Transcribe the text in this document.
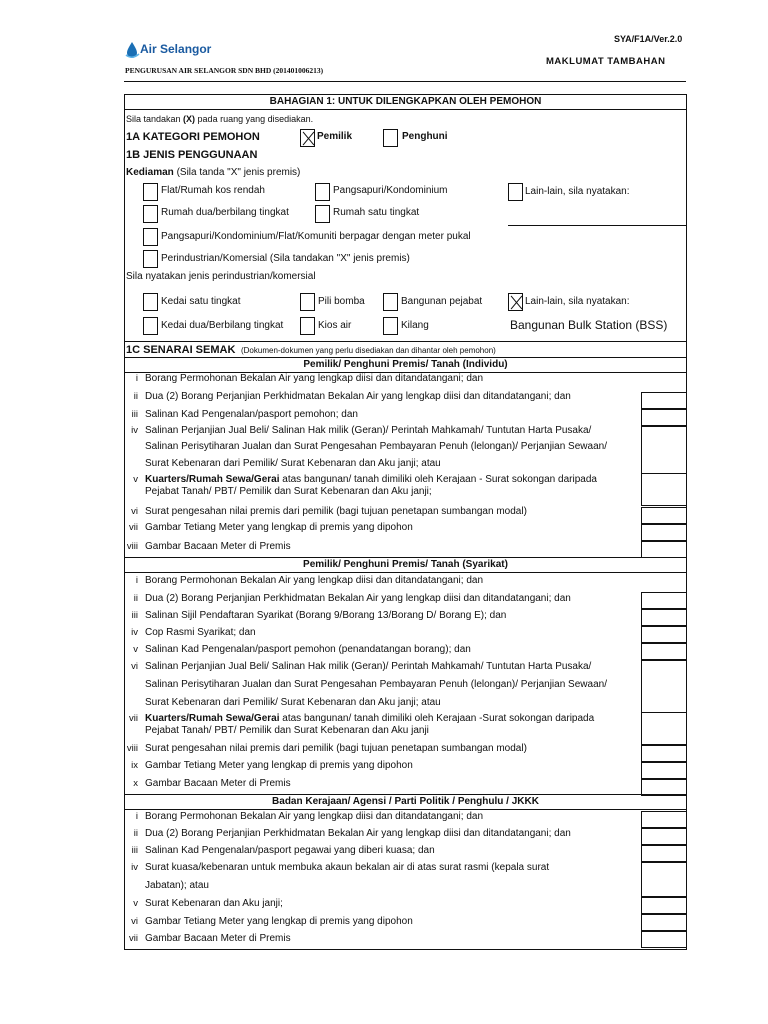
SYA/F1A/Ver.2.0
Air Selangor
MAKLUMAT TAMBAHAN
PENGURUSAN AIR SELANGOR SDN BHD (201401006213)
BAHAGIAN 1: UNTUK DILENGKAPKAN OLEH PEMOHON
Sila tandakan (X) pada ruang yang disediakan.
1A KATEGORI PEMOHON	Pemilik	Penghuni
1B JENIS PENGGUNAAN
Kediaman (Sila tanda "X" jenis premis)
Flat/Rumah kos rendah	Pangsapuri/Kondominium	Lain-lain, sila nyatakan:
Rumah dua/berbilang tingkat	Rumah satu tingkat
Pangsapuri/Kondominium/Flat/Komuniti berpagar dengan meter pukal
Perindustrian/Komersial (Sila tandakan "X" jenis premis)
Sila nyatakan jenis perindustrian/komersial
Kedai satu tingkat	Pili bomba	Bangunan pejabat	Lain-lain, sila nyatakan:
Kedai dua/Berbilang tingkat	Kios air	Kilang	Bangunan Bulk Station (BSS)
1C SENARAI SEMAK (Dokumen-dokumen yang perlu disediakan dan dihantar oleh pemohon)
Pemilik/ Penghuni Premis/ Tanah (Individu)
i Borang Permohonan Bekalan Air yang lengkap diisi dan ditandatangani; dan
ii Dua (2) Borang Perjanjian Perkhidmatan Bekalan Air yang lengkap diisi dan ditandatangani; dan
iii Salinan Kad Pengenalan/pasport pemohon; dan
iv Salinan Perjanjian Jual Beli/ Salinan Hak milik (Geran)/ Perintah Mahkamah/ Tuntutan Harta Pusaka/
Salinan Perisytiharan Jualan dan Surat Pengesahan Pembayaran Penuh (lelongan)/ Perjanjian Sewaan/
Surat Kebenaran dari Pemilik/ Surat Kebenaran dan Aku janji; atau
v Kuarters/Rumah Sewa/Gerai atas bangunan/ tanah dimiliki oleh Kerajaan - Surat sokongan daripada
Pejabat Tanah/ PBT/ Pemilik dan Surat Kebenaran dan Aku janji;
vi Surat pengesahan nilai premis dari pemilik (bagi tujuan penetapan sumbangan modal)
vii Gambar Tetiang Meter yang lengkap di premis yang dipohon
viii Gambar Bacaan Meter di Premis
Pemilik/ Penghuni Premis/ Tanah (Syarikat)
i Borang Permohonan Bekalan Air yang lengkap diisi dan ditandatangani; dan
ii Dua (2) Borang Perjanjian Perkhidmatan Bekalan Air yang lengkap diisi dan ditandatangani; dan
iii Salinan Sijil Pendaftaran Syarikat (Borang 9/Borang 13/Borang D/ Borang E); dan
iv Cop Rasmi Syarikat; dan
v Salinan Kad Pengenalan/pasport pemohon (penandatangan borang); dan
vi Salinan Perjanjian Jual Beli/ Salinan Hak milik (Geran)/ Perintah Mahkamah/ Tuntutan Harta Pusaka/
Salinan Perisytiharan Jualan dan Surat Pengesahan Pembayaran Penuh (lelongan)/ Perjanjian Sewaan/
Surat Kebenaran dari Pemilik/ Surat Kebenaran dan Aku janji; atau
vii Kuarters/Rumah Sewa/Gerai atas bangunan/ tanah dimiliki oleh Kerajaan -Surat sokongan daripada
Pejabat Tanah/ PBT/ Pemilik dan Surat Kebenaran dan Aku janji
viii Surat pengesahan nilai premis dari pemilik (bagi tujuan penetapan sumbangan modal)
ix Gambar Tetiang Meter yang lengkap di premis yang dipohon
x Gambar Bacaan Meter di Premis
Badan Kerajaan/ Agensi / Parti Politik / Penghulu / JKKK
i Borang Permohonan Bekalan Air yang lengkap diisi dan ditandatangani; dan
ii Dua (2) Borang Perjanjian Perkhidmatan Bekalan Air yang lengkap diisi dan ditandatangani; dan
iii Salinan Kad Pengenalan/pasport pegawai yang diberi kuasa; dan
iv Surat kuasa/kebenaran untuk membuka akaun bekalan air di atas surat rasmi (kepala surat
Jabatan); atau
v Surat Kebenaran dan Aku janji;
vi Gambar Tetiang Meter yang lengkap di premis yang dipohon
vii Gambar Bacaan Meter di Premis
